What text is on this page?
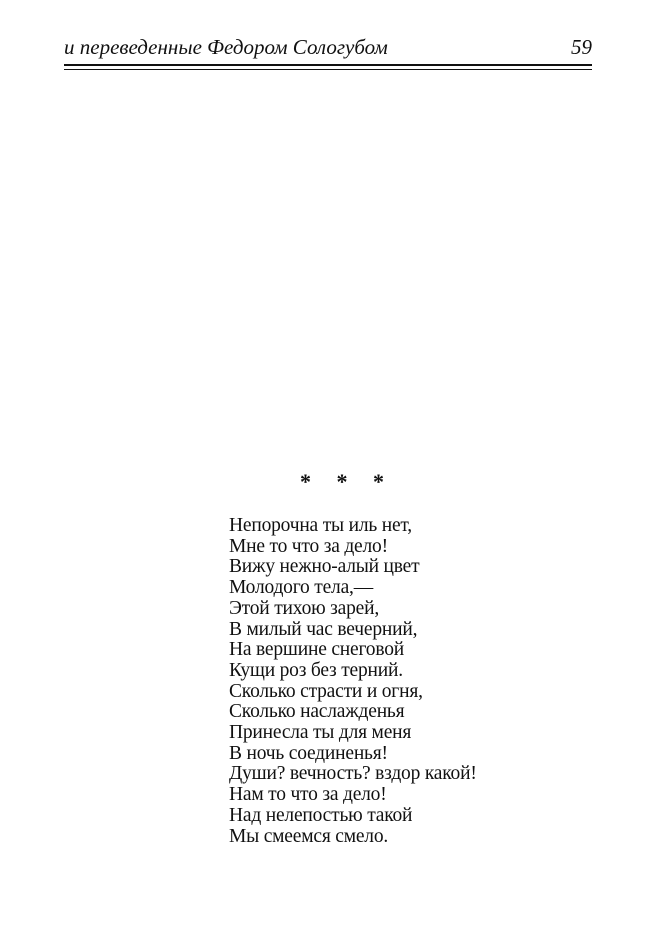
и переведенные Федором Сологубом	59
* * *
Непорочна ты иль нет,
Мне то что за дело!
Вижу нежно-алый цвет
Молодого тела,—
Этой тихою зарей,
В милый час вечерний,
На вершине снеговой
Кущи роз без терний.
Сколько страсти и огня,
Сколько наслажденья
Принесла ты для меня
В ночь соединенья!
Души? вечность? вздор какой!
Нам то что за дело!
Над нелепостью такой
Мы смеемся смело.
